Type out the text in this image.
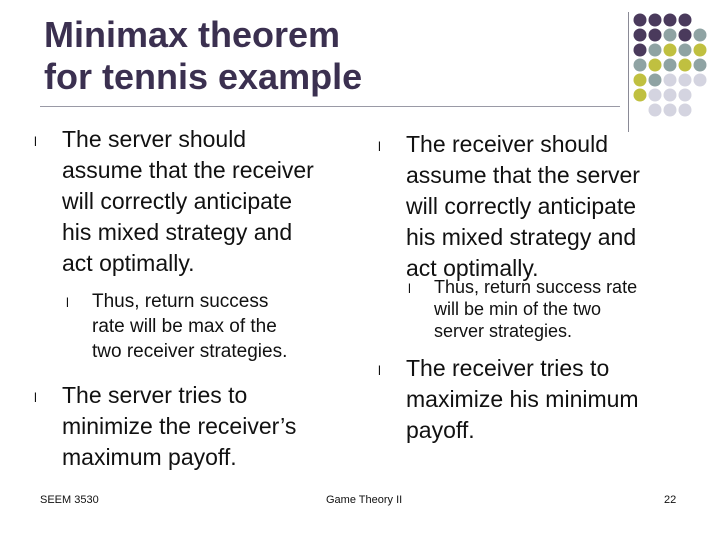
Minimax theorem
for tennis example
l The server should
assume that the receiver
will correctly anticipate
his mixed strategy and
act optimally.
l Thus, return success
rate will be max of the
two receiver strategies.
l The server tries to
minimize the receiver’s
maximum payoff.
l The receiver should
assume that the server
will correctly anticipate
his mixed strategy and
act optimally.
l Thus, return success rate
will be min of the two
server strategies.
l The receiver tries to
maximize his minimum
payoff.
SEEM 3530	Game Theory II	22
